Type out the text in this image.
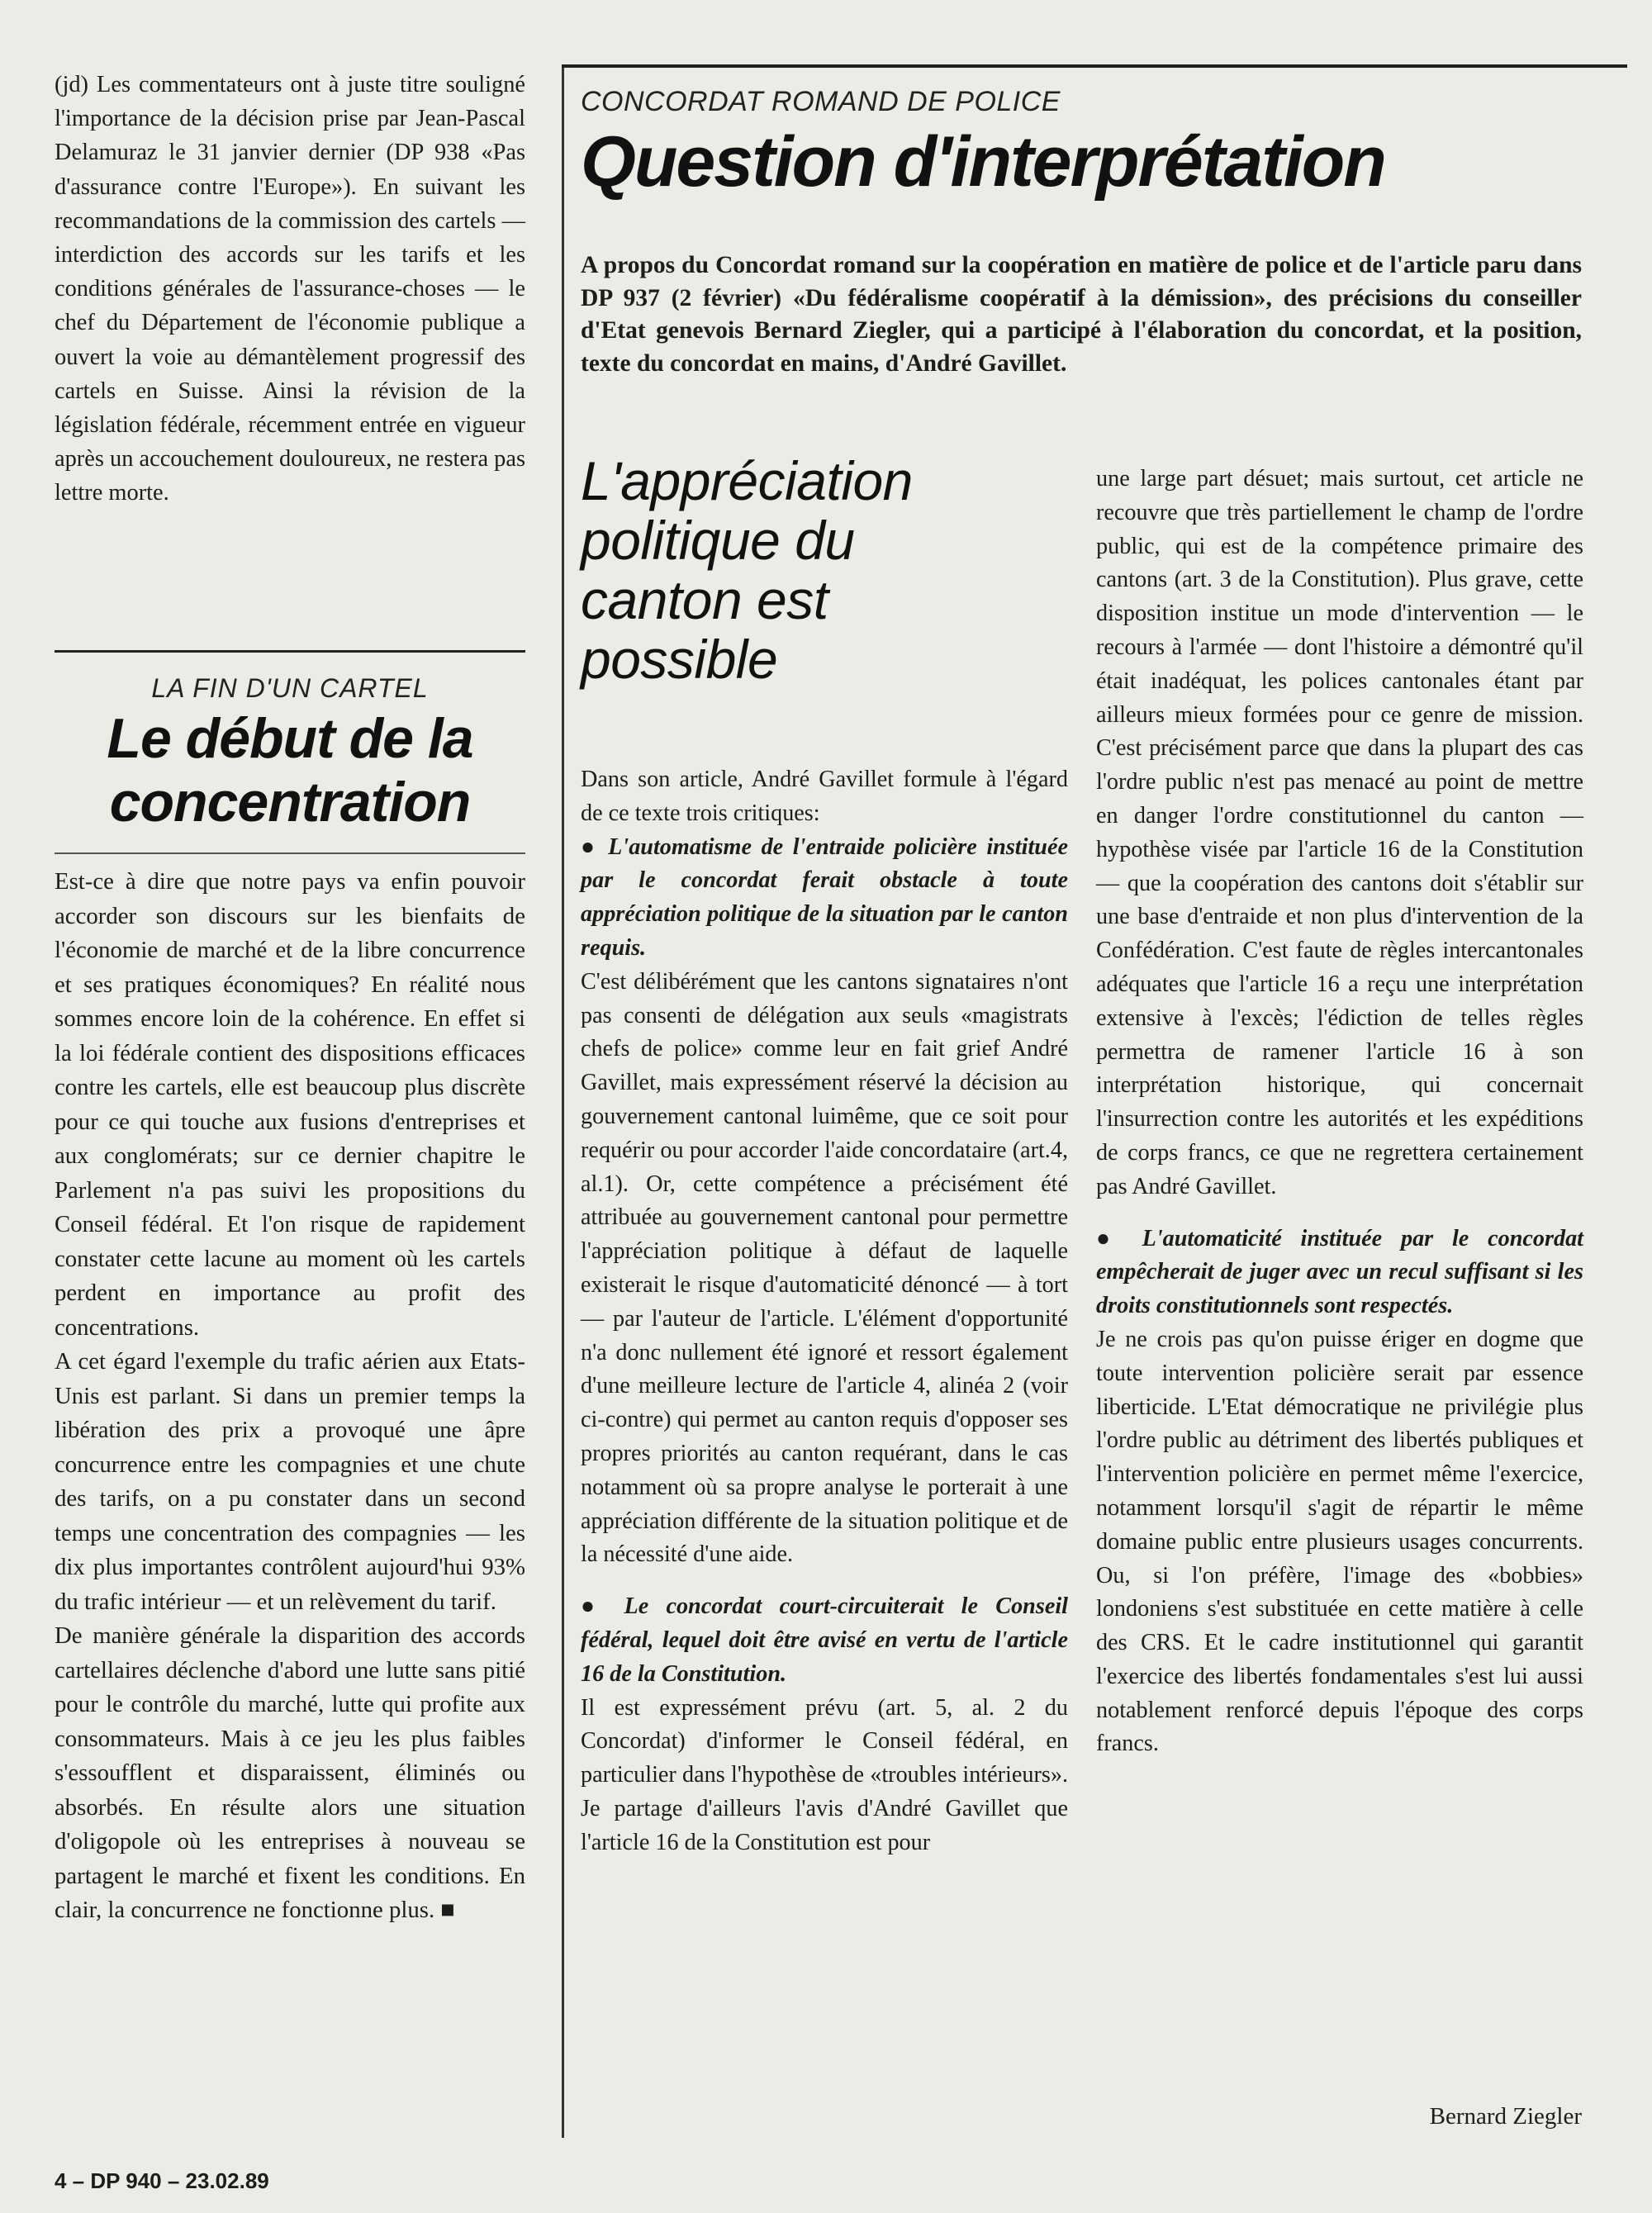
(jd) Les commentateurs ont à juste titre souligné l'importance de la décision prise par Jean-Pascal Delamuraz le 31 janvier dernier (DP 938 «Pas d'assurance contre l'Europe»). En suivant les recommandations de la commission des cartels — interdiction des accords sur les tarifs et les conditions générales de l'assurance-choses — le chef du Département de l'économie publique a ouvert la voie au démantèlement progressif des cartels en Suisse. Ainsi la révision de la législation fédérale, récemment entrée en vigueur après un accouchement douloureux, ne restera pas lettre morte.

LA FIN D'UN CARTEL
Le début de la
concentration

Est-ce à dire que notre pays va enfin pouvoir accorder son discours sur les bienfaits de l'économie de marché et de la libre concurrence et ses pratiques économiques? En réalité nous sommes encore loin de la cohérence. En effet si la loi fédérale contient des dispositions efficaces contre les cartels, elle est beaucoup plus discrète pour ce qui touche aux fusions d'entreprises et aux conglomérats; sur ce dernier chapitre le Parlement n'a pas suivi les propositions du Conseil fédéral. Et l'on risque de rapidement constater cette lacune au moment où les cartels perdent en importance au profit des concentrations.

A cet égard l'exemple du trafic aérien aux Etats-Unis est parlant. Si dans un premier temps la libération des prix a provoqué une âpre concurrence entre les compagnies et une chute des tarifs, on a pu constater dans un second temps une concentration des compagnies — les dix plus importantes contrôlent aujourd'hui 93% du trafic intérieur — et un relèvement du tarif.

De manière générale la disparition des accords cartellaires déclenche d'abord une lutte sans pitié pour le contrôle du marché, lutte qui profite aux consommateurs. Mais à ce jeu les plus faibles s'essoufflent et disparaissent, éliminés ou absorbés. En résulte alors une situation d'oligopole où les entreprises à nouveau se partagent le marché et fixent les conditions. En clair, la concurrence ne fonctionne plus. ■

CONCORDAT ROMAND DE POLICE
Question d'interprétation
A propos du Concordat romand sur la coopération en matière de police et de l'article paru dans DP 937 (2 février) «Du fédéralisme coopératif à la démission», des précisions du conseiller d'Etat genevois Bernard Ziegler, qui a participé à l'élaboration du concordat, et la position, texte du concordat en mains, d'André Gavillet.
L'appréciation
politique du
canton est
possible

Dans son article, André Gavillet formule à l'égard de ce texte trois critiques:

● L'automatisme de l'entraide policière instituée par le concordat ferait obstacle à toute appréciation politique de la situation par le canton requis.

C'est délibérément que les cantons signataires n'ont pas consenti de délégation aux seuls «magistrats chefs de police» comme leur en fait grief André Gavillet, mais expressément réservé la décision au gouvernement cantonal luimême, que ce soit pour requérir ou pour accorder l'aide concordataire (art.4, al.1). Or, cette compétence a précisément été attribuée au gouvernement cantonal pour permettre l'appréciation politique à défaut de laquelle existerait le risque d'automaticité dénoncé — à tort — par l'auteur de l'article. L'élément d'opportunité n'a donc nullement été ignoré et ressort également d'une meilleure lecture de l'article 4, alinéa 2 (voir ci-contre) qui permet au canton requis d'opposer ses propres priorités au canton requérant, dans le cas notamment où sa propre analyse le porterait à une appréciation différente de la situation politique et de la nécessité d'une aide.

● Le concordat court-circuiterait le Conseil fédéral, lequel doit être avisé en vertu de l'article 16 de la Constitution.

Il est expressément prévu (art. 5, al. 2 du Concordat) d'informer le Conseil fédéral, en particulier dans l'hypothèse de «troubles intérieurs». Je partage d'ailleurs l'avis d'André Gavillet que l'article 16 de la Constitution est pour

une large part désuet; mais surtout, cet article ne recouvre que très partiellement le champ de l'ordre public, qui est de la compétence primaire des cantons (art. 3 de la Constitution). Plus grave, cette disposition institue un mode d'intervention — le recours à l'armée — dont l'histoire a démontré qu'il était inadéquat, les polices cantonales étant par ailleurs mieux formées pour ce genre de mission. C'est précisément parce que dans la plupart des cas l'ordre public n'est pas menacé au point de mettre en danger l'ordre constitutionnel du canton — hypothèse visée par l'article 16 de la Constitution — que la coopération des cantons doit s'établir sur une base d'entraide et non plus d'intervention de la Confédération. C'est faute de règles intercantonales adéquates que l'article 16 a reçu une interprétation extensive à l'excès; l'édiction de telles règles permettra de ramener l'article 16 à son interprétation historique, qui concernait l'insurrection contre les autorités et les expéditions de corps francs, ce que ne regrettera certainement pas André Gavillet.

● L'automaticité instituée par le concordat empêcherait de juger avec un recul suffisant si les droits constitutionnels sont respectés.

Je ne crois pas qu'on puisse ériger en dogme que toute intervention policière serait par essence liberticide. L'Etat démocratique ne privilégie plus l'ordre public au détriment des libertés publiques et l'intervention policière en permet même l'exercice, notamment lorsqu'il s'agit de répartir le même domaine public entre plusieurs usages concurrents. Ou, si l'on préfère, l'image des «bobbies» londoniens s'est substituée en cette matière à celle des CRS. Et le cadre institutionnel qui garantit l'exercice des libertés fondamentales s'est lui aussi notablement renforcé depuis l'époque des corps francs.

Bernard Ziegler
4 – DP 940 – 23.02.89
